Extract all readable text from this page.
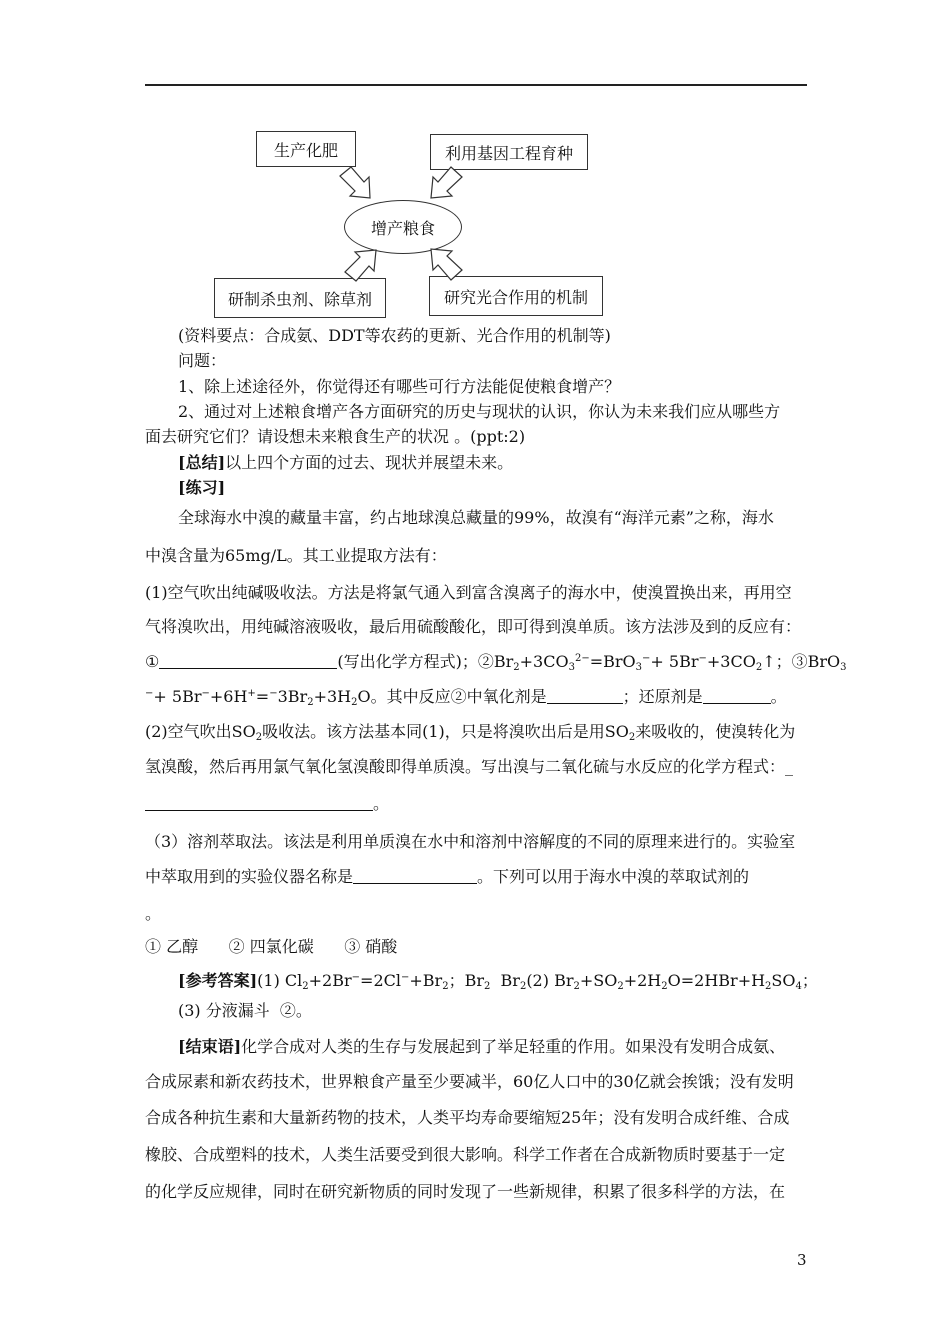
生产化肥	利用基因工程育种
增产粮食
研制杀虫剂、除草剂	研究光合作用的机制
(资料要点：合成氨、DDT等农药的更新、光合作用的机制等)
问题：
1、除上述途径外，你觉得还有哪些可行方法能促使粮食增产？
2、通过对上述粮食增产各方面研究的历史与现状的认识，你认为未来我们应从哪些方
面去研究它们？请设想未来粮食生产的状况 。(ppt:2)
[总结]以上四个方面的过去、现状并展望未来。
[练习]
全球海水中溴的藏量丰富，约占地球溴总藏量的99%，故溴有“海洋元素”之称，海水
中溴含量为65mg/L。其工业提取方法有：
(1)空气吹出纯碱吸收法。方法是将氯气通入到富含溴离子的海水中，使溴置换出来，再用空
气将溴吹出，用纯碱溶液吸收，最后用硫酸酸化，即可得到溴单质。该方法涉及到的反应有：
①	(写出化学方程式)；$②Br_2+3CO_3^{2-}=BrO_3^-+$ $5Br^-+3CO_2↑$；③BrO$_3$
$^-+ 5Br^-+6H^+=^-3Br_2+3H_2O$。其中反应②中氧化剂是	；还原剂是	。
(2)空气吹出$SO_2$吸收法。该方法基本同(1)，只是将溴吹出后是用$SO_2$来吸收的，使溴转化为
氢溴酸，然后再用氯气氧化氢溴酸即得单质溴。写出溴与二氧化硫与水反应的化学方程式：_
。
（3）溶剂萃取法。该法是利用单质溴在水中和溶剂中溶解度的不同的原理来进行的。实验室
中萃取用到的实验仪器名称是	。下列可以用于海水中溴的萃取试剂的
。
① 乙醇      ② 四氯化碳      ③ 硝酸
[参考答案](1) $Cl_2+2Br^-=2Cl^-+Br_2$；$Br_2$  $Br_2(2)$ $Br_2+SO_2+2H_2O=2HBr+H_2SO_4$；
(3) 分液漏斗  ②。
[结束语]化学合成对人类的生存与发展起到了举足轻重的作用。如果没有发明合成氨、
合成尿素和新农药技术，世界粮食产量至少要减半，60亿人口中的30亿就会挨饿；没有发明
合成各种抗生素和大量新药物的技术，人类平均寿命要缩短25年；没有发明合成纤维、合成
橡胶、合成塑料的技术，人类生活要受到很大影响。科学工作者在合成新物质时要基于一定
的化学反应规律，同时在研究新物质的同时发现了一些新规律，积累了很多科学的方法，在
3
